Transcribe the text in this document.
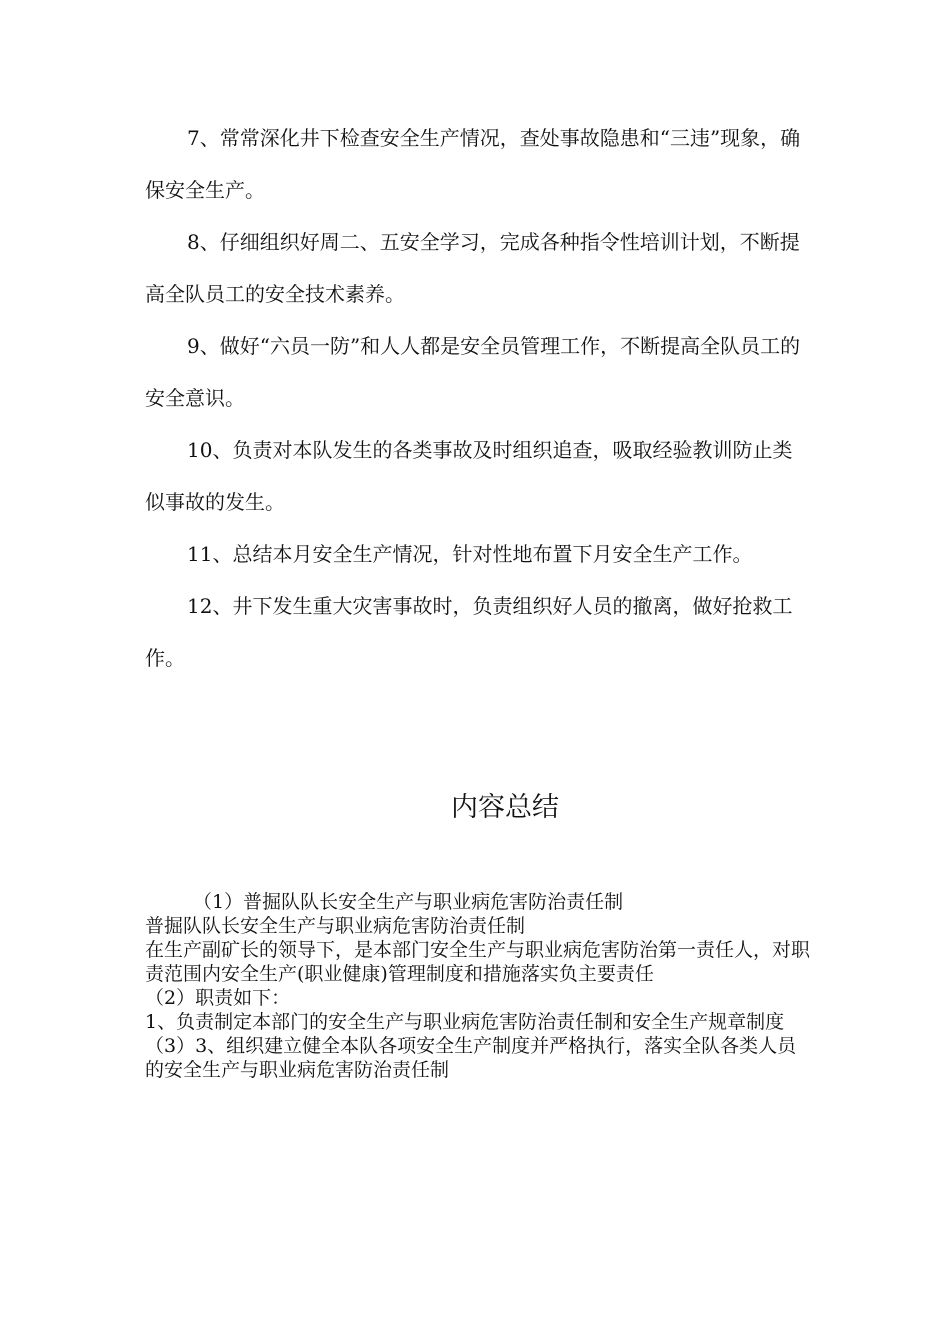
7、常常深化井下检查安全生产情况，查处事故隐患和“三违”现象，确保安全生产。

8、仔细组织好周二、五安全学习，完成各种指令性培训计划，不断提高全队员工的安全技术素养。

9、做好“六员一防”和人人都是安全员管理工作，不断提高全队员工的安全意识。

10、负责对本队发生的各类事故及时组织追查，吸取经验教训防止类似事故的发生。

11、总结本月安全生产情况，针对性地布置下月安全生产工作。

12、井下发生重大灾害事故时，负责组织好人员的撤离，做好抢救工作。

内容总结

（1）普掘队队长安全生产与职业病危害防治责任制

普掘队队长安全生产与职业病危害防治责任制

在生产副矿长的领导下，是本部门安全生产与职业病危害防治第一责任人，对职责范围内安全生产(职业健康)管理制度和措施落实负主要责任

（2）职责如下：

1、负责制定本部门的安全生产与职业病危害防治责任制和安全生产规章制度

（3）3、组织建立健全本队各项安全生产制度并严格执行，落实全队各类人员的安全生产与职业病危害防治责任制
